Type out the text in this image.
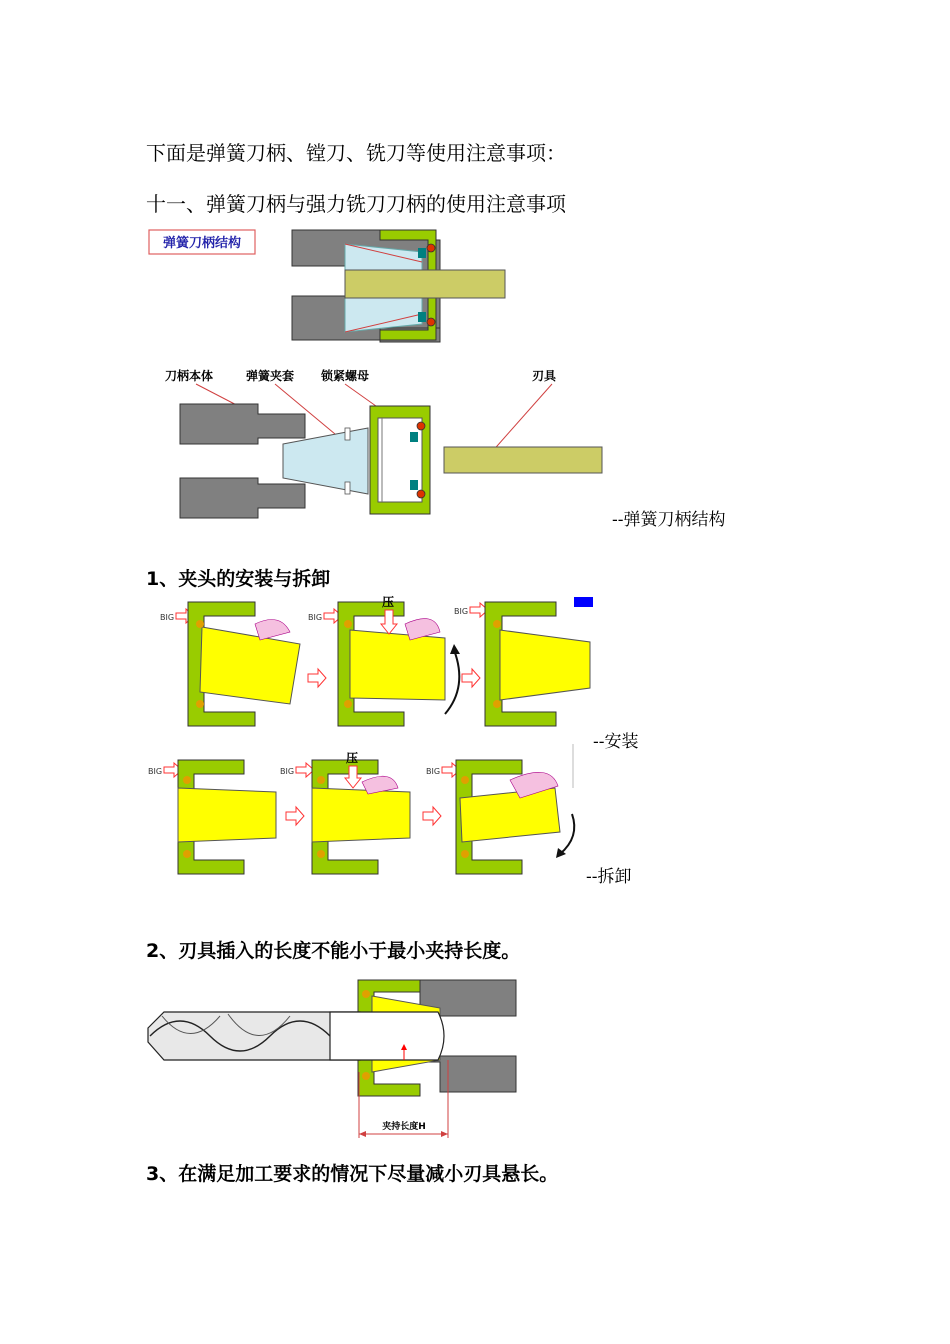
下面是弹簧刀柄、镗刀、铣刀等使用注意事项：
十一、弹簧刀柄与强力铣刀刀柄的使用注意事项
弹簧刀柄结构
刀柄本体	弹簧夹套 锁紧螺母	刃具
--弹簧刀柄结构
1、夹头的安装与拆卸
BIG	BIG
压
BIG
BIG	BIG
压
BIG
--安装
--拆卸
2、刃具插入的长度不能小于最小夹持长度。
夹持长度H
3、在满足加工要求的情况下尽量减小刃具悬长。
